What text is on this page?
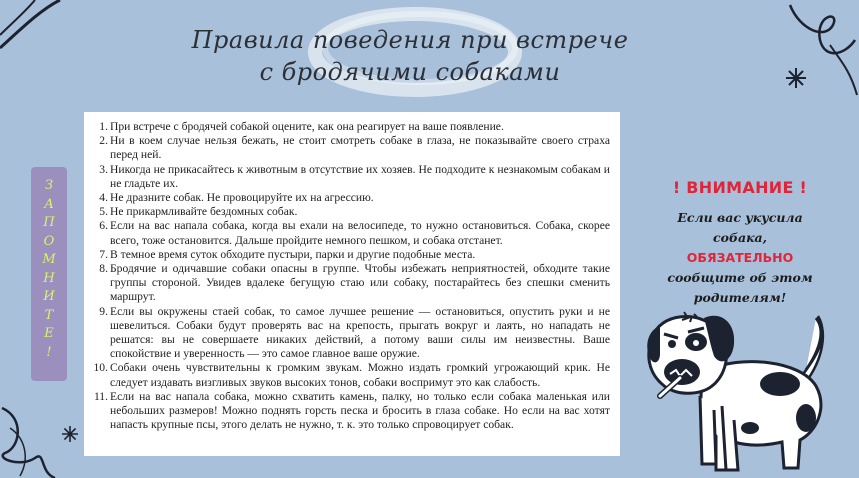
Правила поведения при встрече
с бродячими собаками
З
А
П
О
М
Н
И
Т
Е
!
1. При встрече с бродячей собакой оцените, как она реагирует на ваше появление.
2. Ни в коем случае нельзя бежать, не стоит смотреть собаке в глаза, не показывайте своего страха перед ней.
3. Никогда не прикасайтесь к животным в отсутствие их хозяев. Не подходите к незнакомым собакам и не гладьте их.
4. Не дразните собак. Не провоцируйте их на агрессию.
5. Не прикармливайте бездомных собак.
6. Если на вас напала собака, когда вы ехали на велосипеде, то нужно остановиться. Собака, скорее всего, тоже остановится. Дальше пройдите немного пешком, и собака отстанет.
7. В темное время суток обходите пустыри, парки и другие подобные места.
8. Бродячие и одичавшие собаки опасны в группе. Чтобы избежать неприятностей, обходите такие группы стороной. Увидев вдалеке бегущую стаю или собаку, постарайтесь без спешки сменить маршрут.
9. Если вы окружены стаей собак, то самое лучшее решение — остановиться, опустить руки и не шевелиться. Собаки будут проверять вас на крепость, прыгать вокруг и лаять, но нападать не решатся: вы не совершаете никаких действий, а потому ваши силы им неизвестны. Ваше спокойствие и уверенность — это самое главное ваше оружие.
10. Собаки очень чувствительны к громким звукам. Можно издать громкий угрожающий крик. Не следует издавать визгливых звуков высоких тонов, собаки воспримут это как слабость.
11. Если на вас напала собака, можно схватить камень, палку, но только если собака маленькая или небольших размеров! Можно поднять горсть песка и бросить в глаза собаке. Но если на вас хотят напасть крупные псы, этого делать не нужно, т. к. это только спровоцирует собак.
! ВНИМАНИЕ !
Если вас укусила собака, ОБЯЗАТЕЛЬНО сообщите об этом родителям!
